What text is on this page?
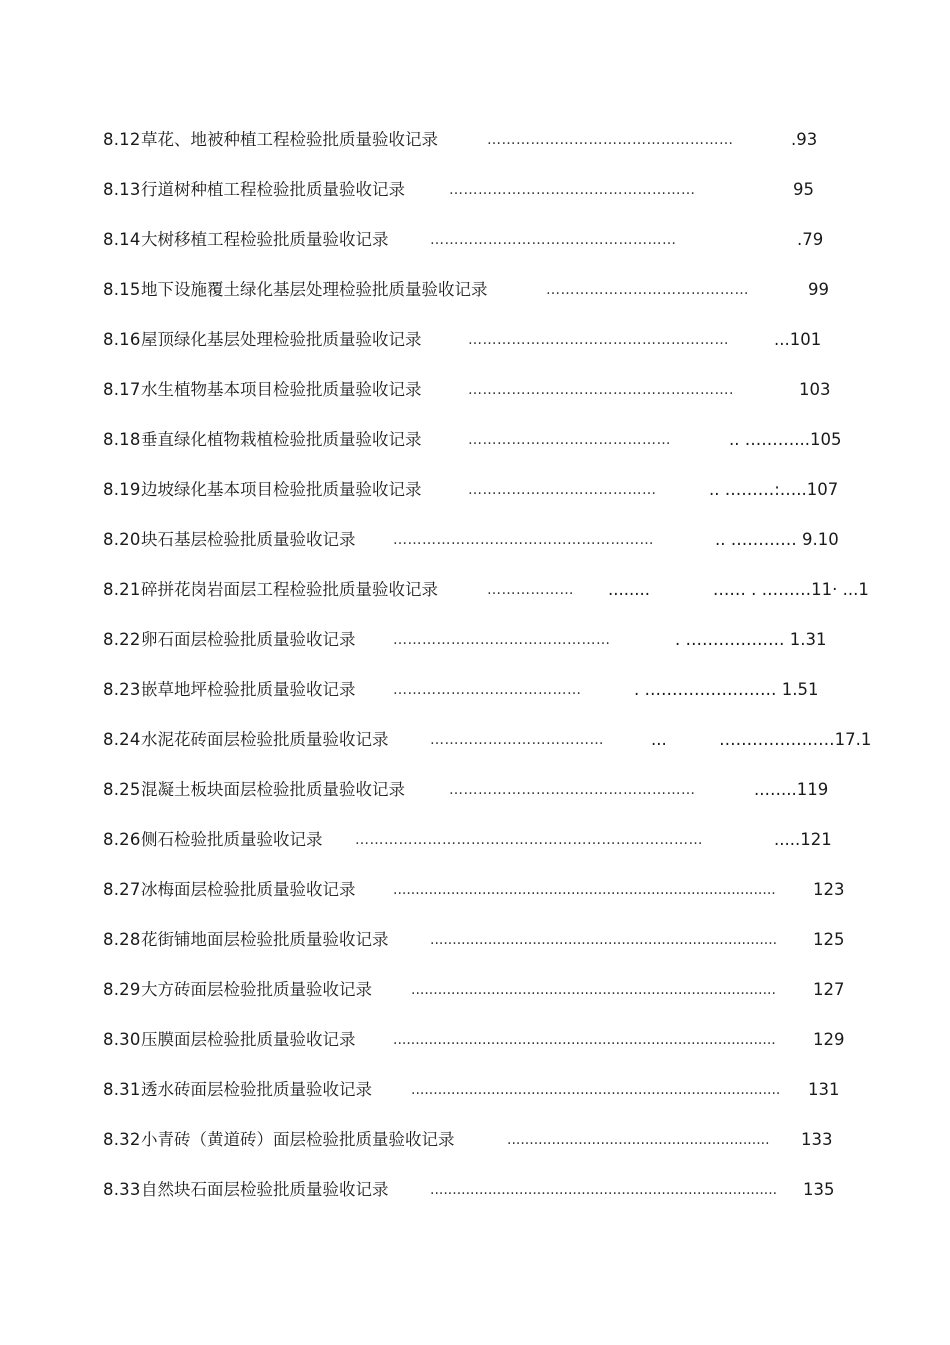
8.12 草花、地被种植工程检验批质量验收记录	……………………………………………	.93
8.13 行道树种植工程检验批质量验收记录	……………………………………………	95
8.14 大树移植工程检验批质量验收记录	……………………………………………	.79
8.15 地下设施覆土绿化基层处理检验批质量验收记录	……………………………………	99
8.16 屋顶绿化基层处理检验批质量验收记录	………………………………………………	...101
8.17 水生植物基本项目检验批质量验收记录	……………………………………………….	103
8.18 垂直绿化植物栽植检验批质量验收记录	……………………………………	.. ………...105
8.19 边坡绿化基本项目检验批质量验收记录	…………………………………	.. ………:…..107
8.20 块石基层检验批质量验收记录	………………………………………………	.. ………… 9.10
8.21 碎拼花岗岩面层工程检验批质量验收记录	………………	........            …… . ………11· ...1
8.22 卵石面层检验批质量验收记录	………………………………………	. ……………… 1.31
8.23 嵌草地坪检验批质量验收记录	…………………………………	. …………………… 1.51
8.24 水泥花砖面层检验批质量验收记录	………………………………	...          …………………17.1
8.25 混凝土板块面层检验批质量验收记录	……………………………………………	..…...119
8.26 侧石检验批质量验收记录 ………………………………………………………………	.....121
8.27 冰梅面层检验批质量验收记录	......................................................................................	123
8.28 花街铺地面层检验批质量验收记录	..............................................................................	125
8.29 大方砖面层检验批质量验收记录	..................................................................................	127
8.30 压膜面层检验批质量验收记录	......................................................................................	129
8.31 透水砖面层检验批质量验收记录	...................................................................................	131
8.32 小青砖（黄道砖）面层检验批质量验收记录	...........................................................	133
8.33 自然块石面层检验批质量验收记录	..............................................................................	135
